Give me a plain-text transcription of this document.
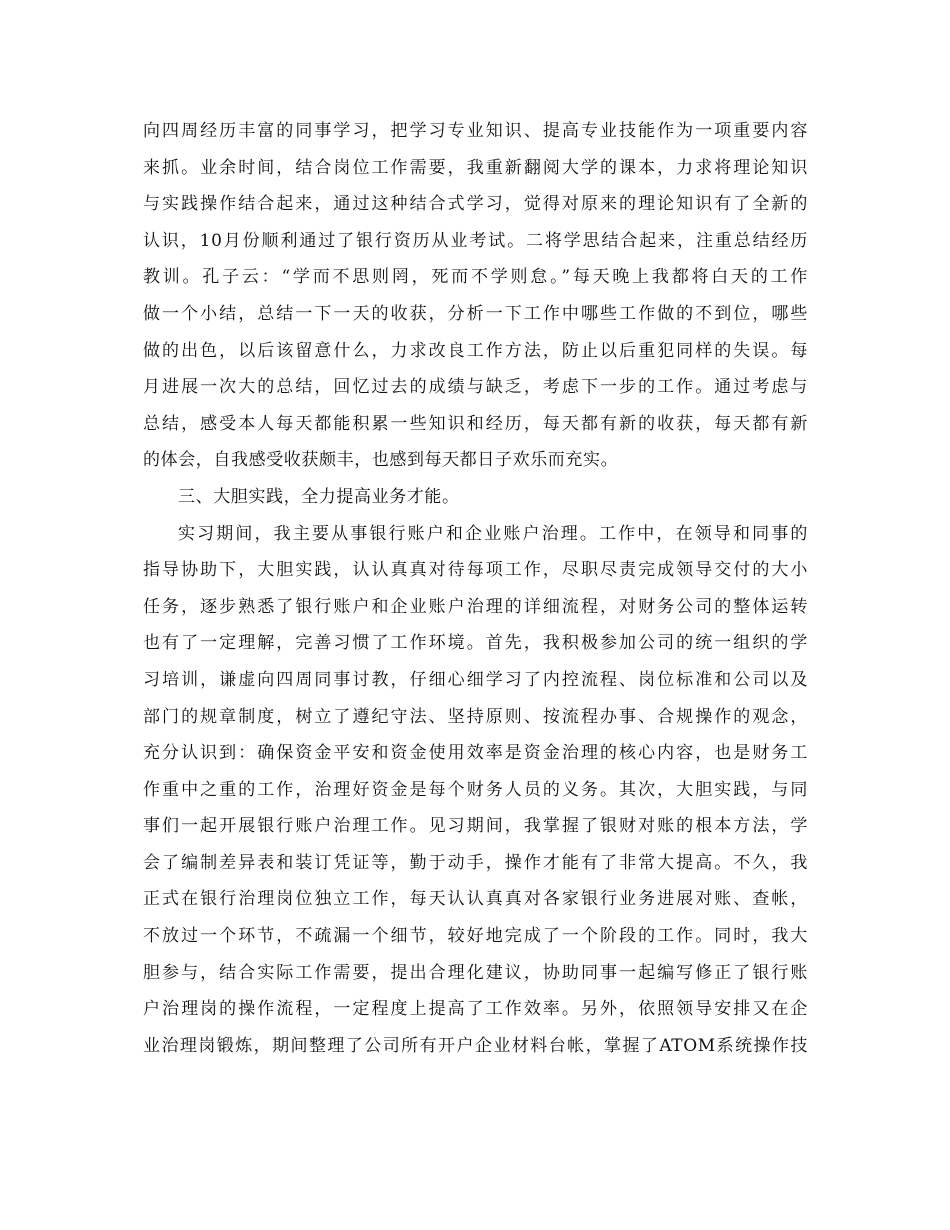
向四周经历丰富的同事学习，把学习专业知识、提高专业技能作为一项重要内容
来抓。业余时间，结合岗位工作需要，我重新翻阅大学的课本，力求将理论知识
与实践操作结合起来，通过这种结合式学习，觉得对原来的理论知识有了全新的
认识，10月份顺利通过了银行资历从业考试。二将学思结合起来，注重总结经历
教训。孔子云：“学而不思则罔，死而不学则怠。”每天晚上我都将白天的工作
做一个小结，总结一下一天的收获，分析一下工作中哪些工作做的不到位，哪些
做的出色，以后该留意什么，力求改良工作方法，防止以后重犯同样的失误。每
月进展一次大的总结，回忆过去的成绩与缺乏，考虑下一步的工作。通过考虑与
总结，感受本人每天都能积累一些知识和经历，每天都有新的收获，每天都有新
的体会，自我感受收获颇丰，也感到每天都日子欢乐而充实。
三、大胆实践，全力提高业务才能。
实习期间，我主要从事银行账户和企业账户治理。工作中，在领导和同事的
指导协助下，大胆实践，认认真真对待每项工作，尽职尽责完成领导交付的大小
任务，逐步熟悉了银行账户和企业账户治理的详细流程，对财务公司的整体运转
也有了一定理解，完善习惯了工作环境。首先，我积极参加公司的统一组织的学
习培训，谦虚向四周同事讨教，仔细心细学习了内控流程、岗位标准和公司以及
部门的规章制度，树立了遵纪守法、坚持原则、按流程办事、合规操作的观念，
充分认识到：确保资金平安和资金使用效率是资金治理的核心内容，也是财务工
作重中之重的工作，治理好资金是每个财务人员的义务。其次，大胆实践，与同
事们一起开展银行账户治理工作。见习期间，我掌握了银财对账的根本方法，学
会了编制差异表和装订凭证等，勤于动手，操作才能有了非常大提高。不久，我
正式在银行治理岗位独立工作，每天认认真真对各家银行业务进展对账、查帐，
不放过一个环节，不疏漏一个细节，较好地完成了一个阶段的工作。同时，我大
胆参与，结合实际工作需要，提出合理化建议，协助同事一起编写修正了银行账
户治理岗的操作流程，一定程度上提高了工作效率。另外，依照领导安排又在企
业治理岗锻炼，期间整理了公司所有开户企业材料台帐，掌握了ATOM系统操作技
